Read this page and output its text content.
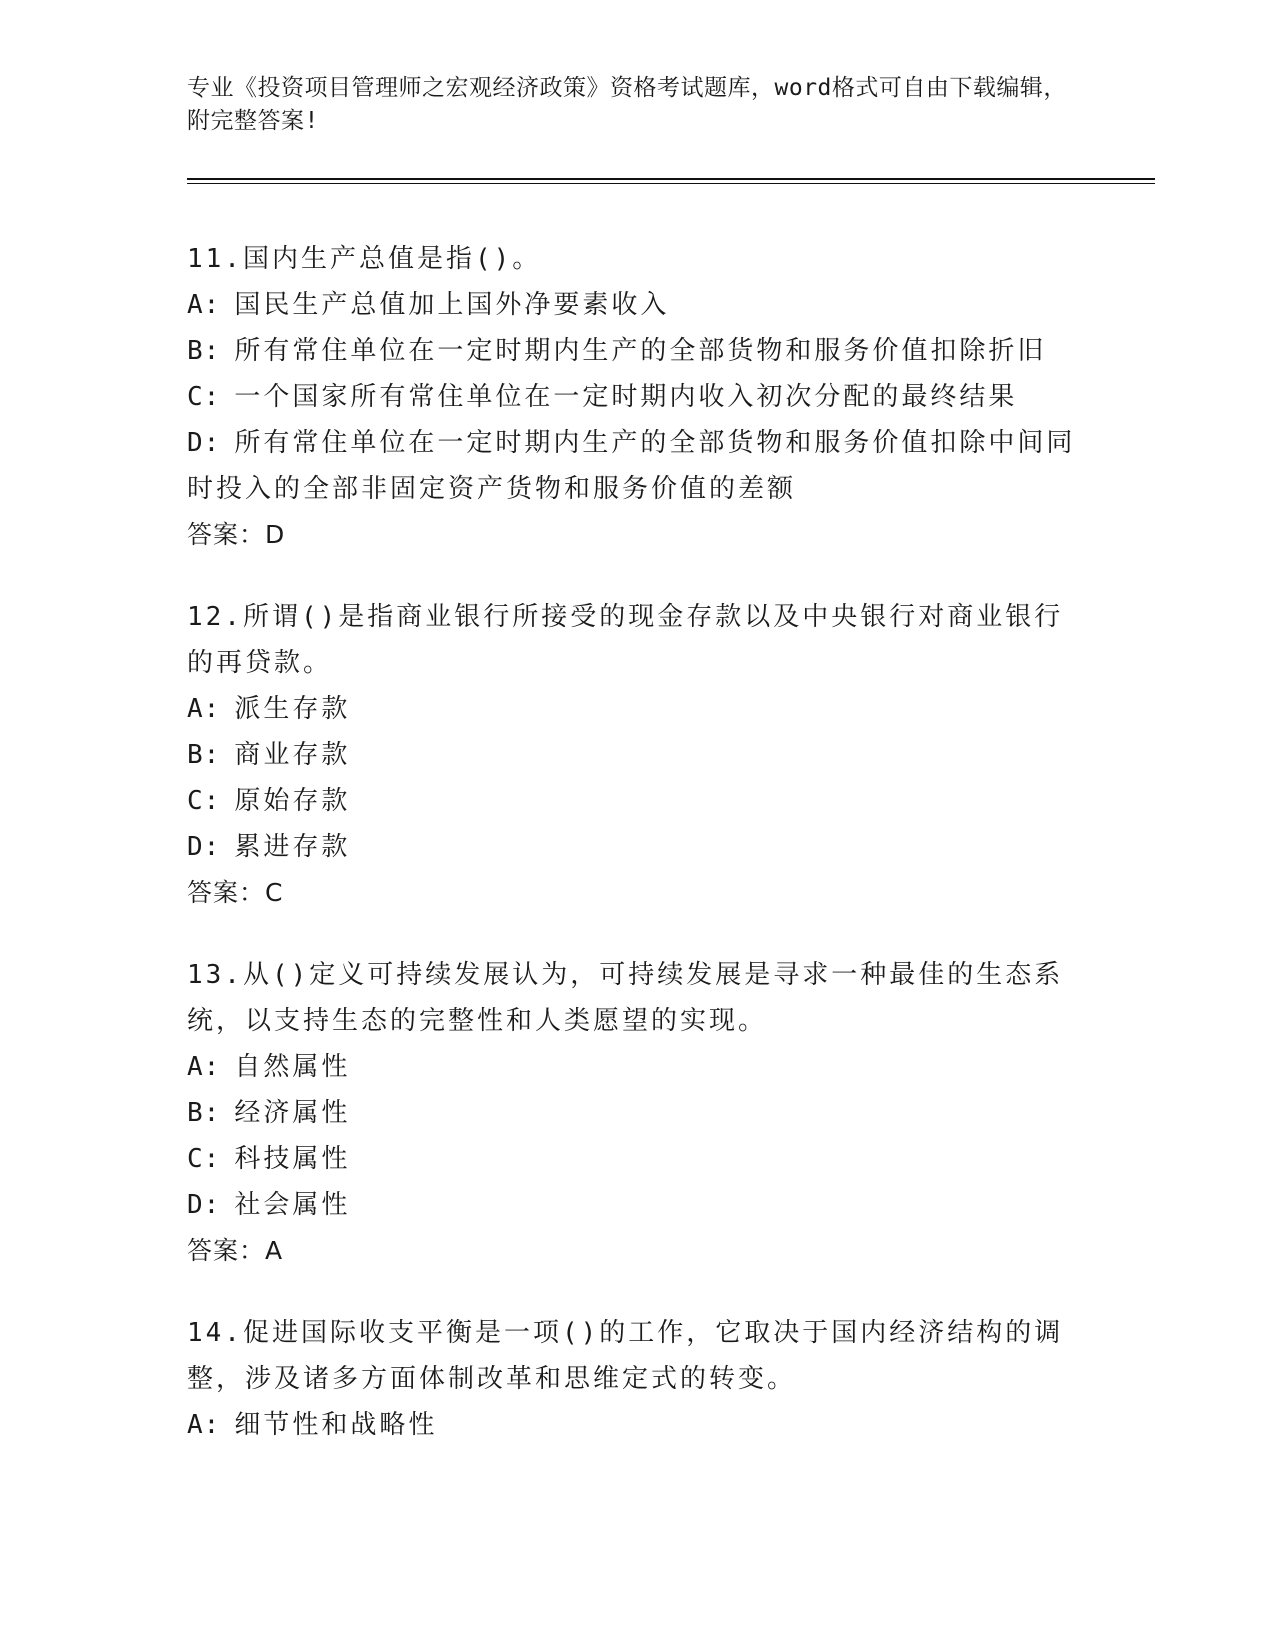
专业《投资项目管理师之宏观经济政策》资格考试题库，word格式可自由下载编辑，附完整答案!

11.国内生产总值是指()。

A: 国民生产总值加上国外净要素收入

B: 所有常住单位在一定时期内生产的全部货物和服务价值扣除折旧

C: 一个国家所有常住单位在一定时期内收入初次分配的最终结果

D: 所有常住单位在一定时期内生产的全部货物和服务价值扣除中间同时投入的全部非固定资产货物和服务价值的差额

答案：D

12.所谓()是指商业银行所接受的现金存款以及中央银行对商业银行的再贷款。

A: 派生存款

B: 商业存款

C: 原始存款

D: 累进存款

答案：C

13.从()定义可持续发展认为，可持续发展是寻求一种最佳的生态系统，以支持生态的完整性和人类愿望的实现。

A: 自然属性

B: 经济属性

C: 科技属性

D: 社会属性

答案：A

14.促进国际收支平衡是一项()的工作，它取决于国内经济结构的调整，涉及诸多方面体制改革和思维定式的转变。

A: 细节性和战略性
